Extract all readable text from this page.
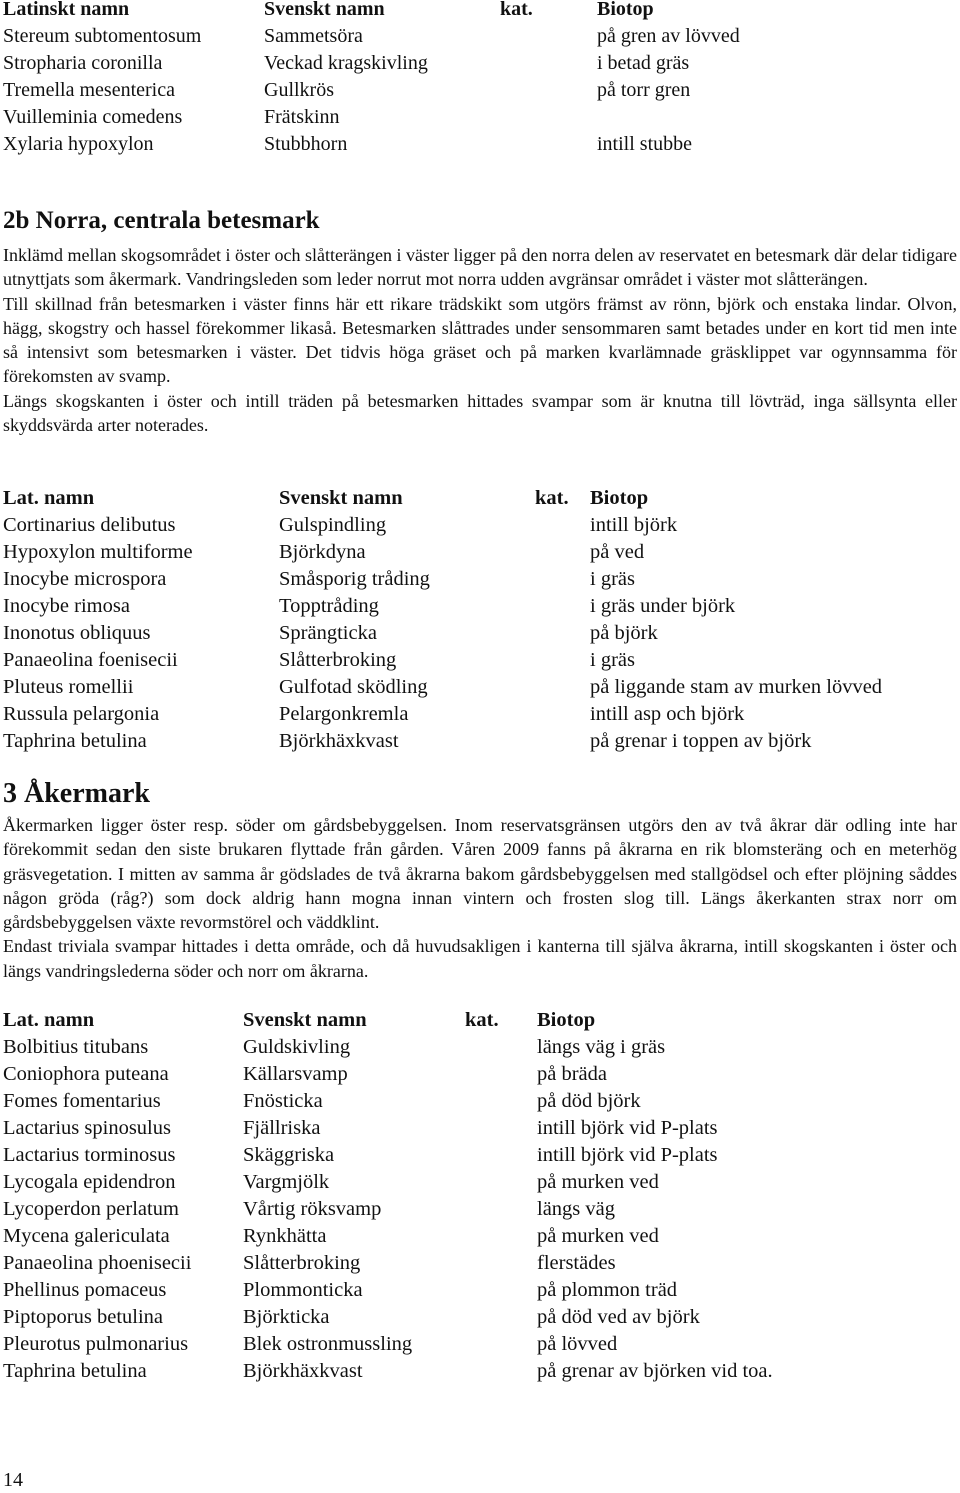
Latinskt namn	Svenskt namn	kat.	Biotop
Stereum subtomentosum	Sammetsöra	på gren av lövved
Stropharia coronilla	Veckad kragskivling	i betad gräs
Tremella mesenterica	Gullkrös	på torr gren
Vuilleminia comedens	Frätskinn
Xylaria hypoxylon	Stubbhorn	intill stubbe
2b Norra, centrala betesmark

Inklämd mellan skogsområdet i öster och slåtterängen i väster ligger på den norra delen av reservatet en betesmark där delar tidigare utnyttjats som åkermark. Vandringsleden som leder norrut mot norra udden avgränsar området i väster mot slåtterängen.

Till skillnad från betesmarken i väster finns här ett rikare trädskikt som utgörs främst av rönn, björk och enstaka lindar. Olvon, hägg, skogstry och hassel förekommer likaså. Betesmarken slåttrades under sensommaren samt betades under en kort tid men inte så intensivt som betesmarken i väster. Det tidvis höga gräset och på marken kvarlämnade gräsklippet var ogynnsamma för förekomsten av svamp.

Längs skogskanten i öster och intill träden på betesmarken hittades svampar som är knutna till lövträd, inga sällsynta eller skyddsvärda arter noterades.

Lat. namn	Svenskt namn	kat.	Biotop
Cortinarius delibutus	Gulspindling	intill björk
Hypoxylon multiforme	Björkdyna	på ved
Inocybe microspora	Småsporig tråding	i gräs
Inocybe rimosa	Topptråding	i gräs under björk
Inonotus obliquus	Sprängticka	på björk
Panaeolina foenisecii	Slåtterbroking	i gräs
Pluteus romellii	Gulfotad sködling	på liggande stam av murken lövved
Russula pelargonia	Pelargonkremla	intill asp och björk
Taphrina betulina	Björkhäxkvast	på grenar i toppen av björk
3 Åkermark

Åkermarken ligger öster resp. söder om gårdsbebyggelsen. Inom reservatsgränsen utgörs den av två åkrar där odling inte har förekommit sedan den siste brukaren flyttade från gården. Våren 2009 fanns på åkrarna en rik blomsteräng och en meterhög gräsvegetation. I mitten av samma år gödslades de två åkrarna bakom gårdsbebyggelsen med stallgödsel och efter plöjning såddes någon gröda (råg?) som dock aldrig hann mogna innan vintern och frosten slog till. Längs åkerkanten strax norr om gårdsbebyggelsen växte revormstörel och väddklint.

Endast triviala svampar hittades i detta område, och då huvudsakligen i kanterna till själva åkrarna, intill skogskanten i öster och längs vandringslederna söder och norr om åkrarna.

Lat. namn	Svenskt namn	kat.	Biotop
Bolbitius titubans	Guldskivling	längs väg i gräs
Coniophora puteana	Källarsvamp	på bräda
Fomes fomentarius	Fnösticka	på död björk
Lactarius spinosulus	Fjällriska	intill björk vid P-plats
Lactarius torminosus	Skäggriska	intill björk vid P-plats
Lycogala epidendron	Vargmjölk	på murken ved
Lycoperdon perlatum	Vårtig röksvamp	längs väg
Mycena galericulata	Rynkhätta	på murken ved
Panaeolina phoenisecii	Slåtterbroking	flerstädes
Phellinus pomaceus	Plommonticka	på plommon träd
Piptoporus betulina	Björkticka	på död ved av björk
Pleurotus pulmonarius	Blek ostronmussling	på lövved
Taphrina betulina	Björkhäxkvast	på grenar av björken vid toa.
14
